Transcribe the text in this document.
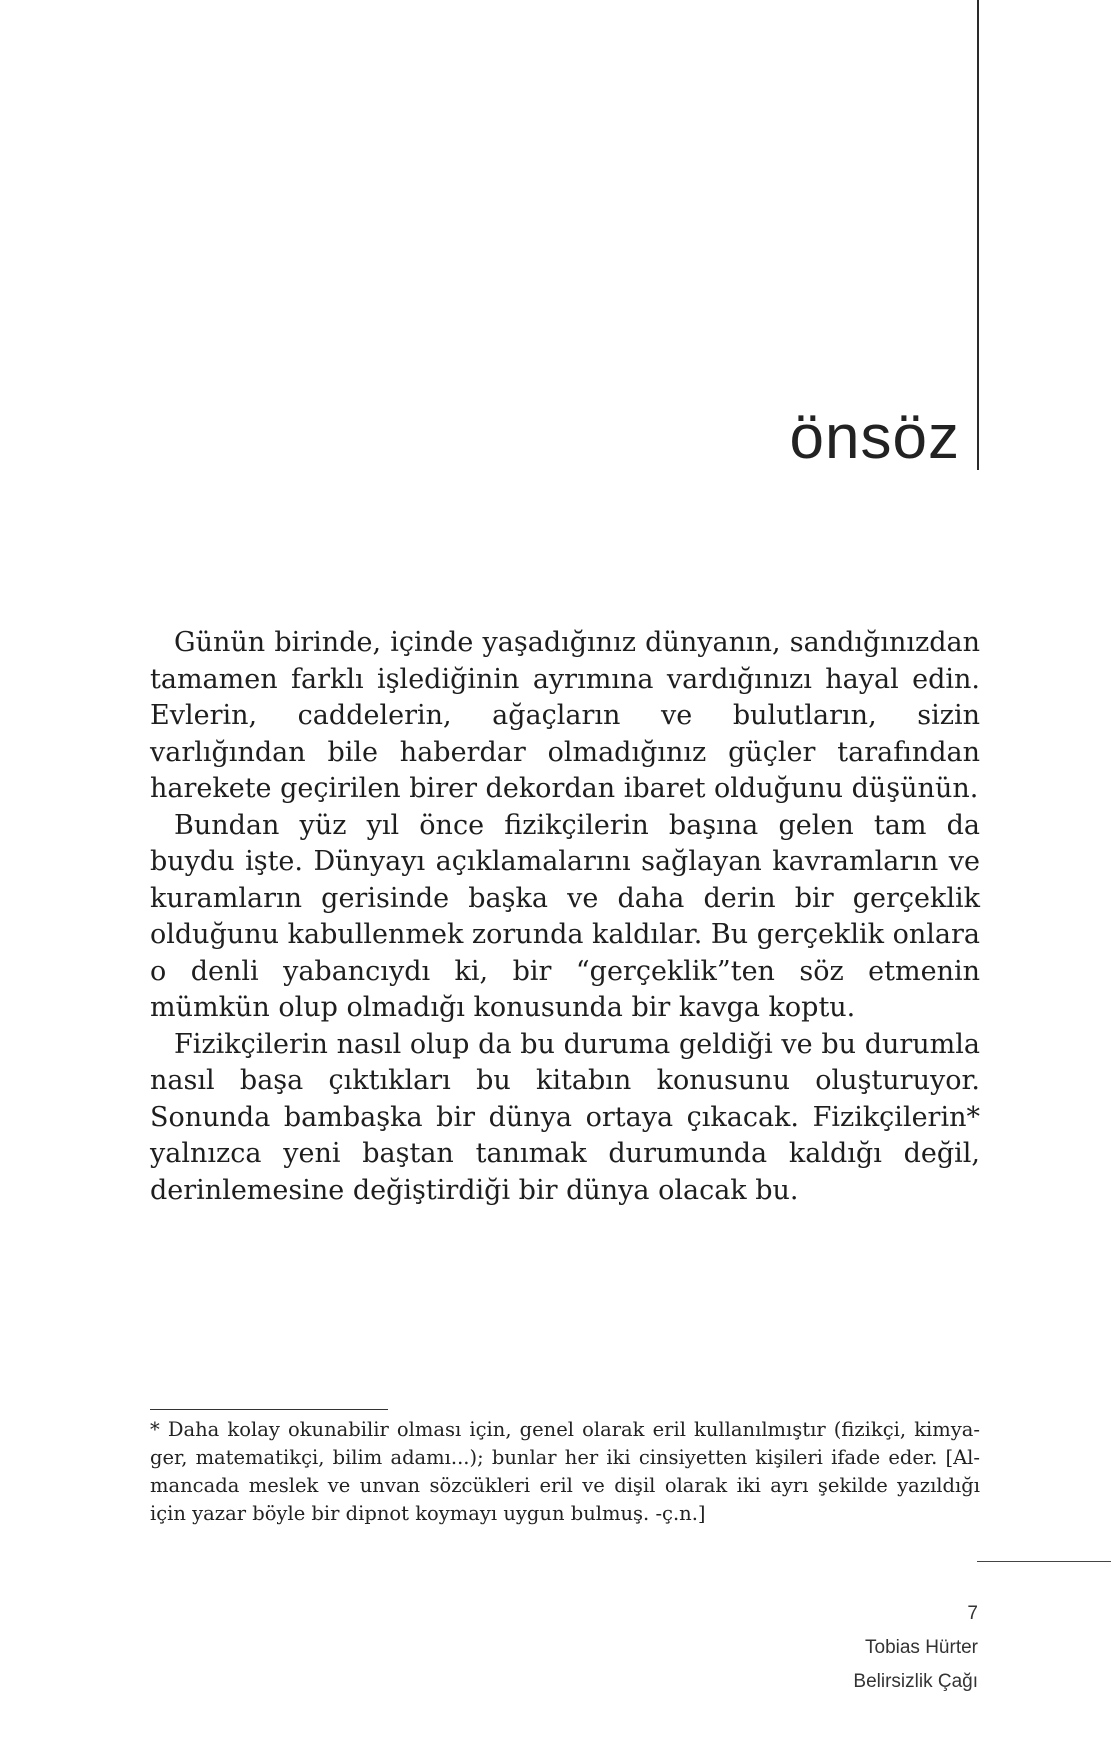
önsöz

Günün birinde, içinde yaşadığınız dünyanın, sandığınızdan tamamen farklı işlediğinin ayrımına vardığınızı hayal edin. Evlerin, caddelerin, ağaçların ve bulutların, sizin varlığından bile haberdar olmadığınız güçler tarafından harekete geçirilen birer dekordan ibaret olduğunu düşünün.

Bundan yüz yıl önce fizikçilerin başına gelen tam da buydu işte. Dünyayı açıklamalarını sağlayan kavramların ve kuramların gerisinde başka ve daha derin bir gerçeklik olduğunu kabullenmek zorunda kaldılar. Bu gerçeklik onlara o denli yabancıydı ki, bir “gerçeklik”ten söz etmenin mümkün olup olmadığı konusunda bir kavga koptu.

Fizikçilerin nasıl olup da bu duruma geldiği ve bu durumla nasıl başa çıktıkları bu kitabın konusunu oluşturuyor. Sonunda bambaşka bir dünya ortaya çıkacak. Fizikçilerin* yalnızca yeni baştan tanımak durumunda kaldığı değil, derinlemesine değiştirdiği bir dünya olacak bu.

* Daha kolay okunabilir olması için, genel olarak eril kullanılmıştır (fizikçi, kimyager, matematikçi, bilim adamı...); bunlar her iki cinsiyetten kişileri ifade eder. [Almancada meslek ve unvan sözcükleri eril ve dişil olarak iki ayrı şekilde yazıldığı için yazar böyle bir dipnot koymayı uygun bulmuş. -ç.n.]

7
Tobias Hürter
Belirsizlik Çağı
